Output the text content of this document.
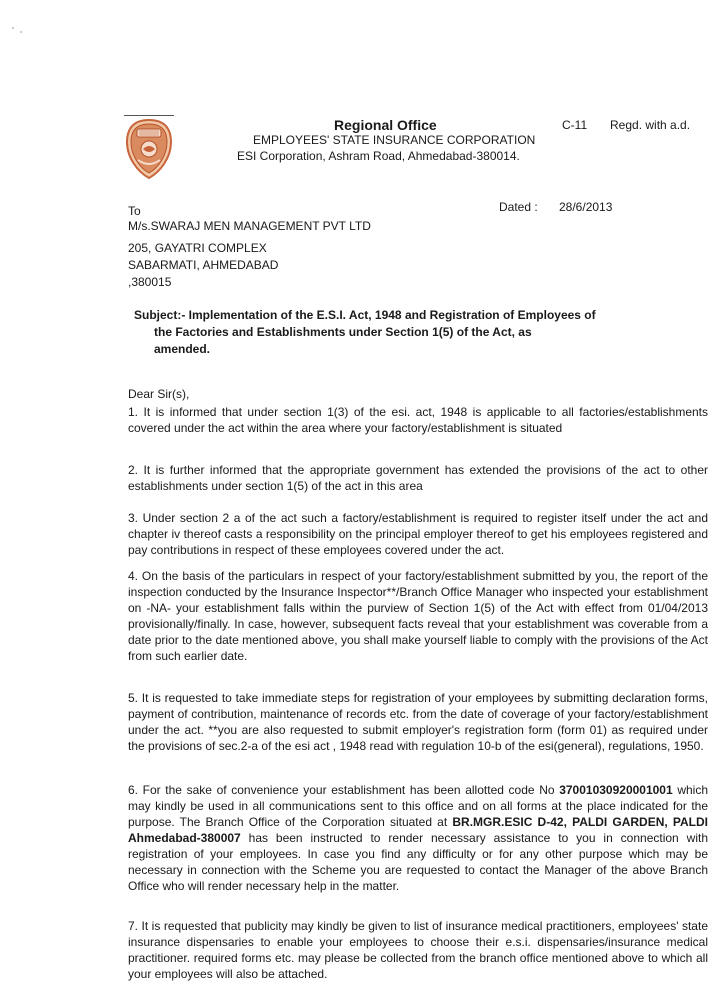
Regional Office
EMPLOYEES' STATE INSURANCE CORPORATION
ESI Corporation, Ashram Road, Ahmedabad-380014.
C-11 Regd. with a.d.
To	Dated : 28/6/2013
M/s.SWARAJ MEN MANAGEMENT PVT LTD
205, GAYATRI COMPLEX
SABARMATI, AHMEDABAD
,380015
Subject:- Implementation of the E.S.I. Act, 1948 and Registration of Employees of
the Factories and Establishments under Section 1(5) of the Act, as
amended.
Dear Sir(s),
1. It is informed that under section 1(3) of the esi. act, 1948 is applicable to all factories/establishments covered under the act within the area where your factory/establishment is situated
2. It is further informed that the appropriate government has extended the provisions of the act to other establishments under section 1(5) of the act in this area
3. Under section 2 a of the act such a factory/establishment is required to register itself under the act and chapter iv thereof casts a responsibility on the principal employer thereof to get his employees registered and pay contributions in respect of these employees covered under the act.
4. On the basis of the particulars in respect of your factory/establishment submitted by you, the report of the inspection conducted by the Insurance Inspector**/Branch Office Manager who inspected your establishment on -NA- your establishment falls within the purview of Section 1(5) of the Act with effect from 01/04/2013 provisionally/finally. In case, however, subsequent facts reveal that your establishment was coverable from a date prior to the date mentioned above, you shall make yourself liable to comply with the provisions of the Act from such earlier date.
5. It is requested to take immediate steps for registration of your employees by submitting declaration forms, payment of contribution, maintenance of records etc. from the date of coverage of your factory/establishment under the act. **you are also requested to submit employer's registration form (form 01) as required under the provisions of sec.2-a of the esi act , 1948 read with regulation 10-b of the esi(general), regulations, 1950.
6. For the sake of convenience your establishment has been allotted code No 37001030920001001 which may kindly be used in all communications sent to this office and on all forms at the place indicated for the purpose. The Branch Office of the Corporation situated at BR.MGR.ESIC D-42, PALDI GARDEN, PALDI Ahmedabad-380007 has been instructed to render necessary assistance to you in connection with registration of your employees. In case you find any difficulty or for any other purpose which may be necessary in connection with the Scheme you are requested to contact the Manager of the above Branch Office who will render necessary help in the matter.
7. It is requested that publicity may kindly be given to list of insurance medical practitioners, employees' state insurance dispensaries to enable your employees to choose their e.s.i. dispensaries/insurance medical practitioner. required forms etc. may please be collected from the branch office mentioned above to which all your employees will also be attached.
